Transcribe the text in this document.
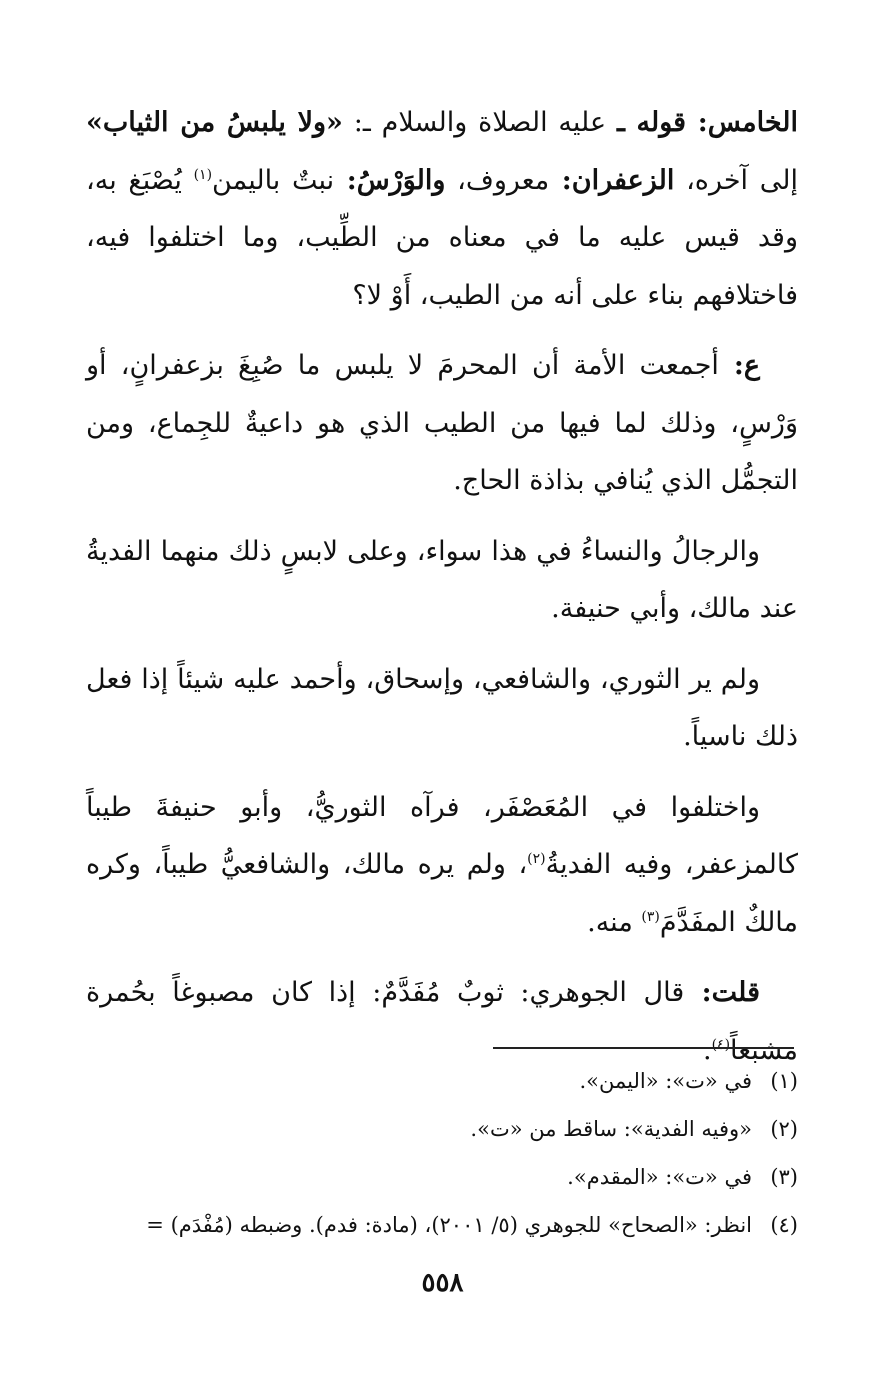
الخامس: قوله ـ عليه الصلاة والسلام ـ: «ولا يلبسُ من الثياب» إلى آخره، الزعفران: معروف، والوَرْسُ: نبتٌ باليمن$^{(١)}$ يُصْبَغ به، وقد قيس عليه ما في معناه من الطِّيب، وما اختلفوا فيه، فاختلافهم بناء على أنه من الطيب، أَوْ لا؟

ع: أجمعت الأمة أن المحرمَ لا يلبس ما صُبِغَ بزعفرانٍ، أو وَرْسٍ، وذلك لما فيها من الطيب الذي هو داعيةٌ للجِماع، ومن التجمُّل الذي يُنافي بذاذة الحاج.

والرجالُ والنساءُ في هذا سواء، وعلى لابسٍ ذلك منهما الفديةُ عند مالك، وأبي حنيفة.

ولم ير الثوري، والشافعي، وإسحاق، وأحمد عليه شيئاً إذا فعل ذلك ناسياً.

واختلفوا في المُعَصْفَر، فرآه الثوريُّ، وأبو حنيفةَ طيباً كالمزعفر، وفيه الفديةُ$^{(٢)}$، ولم يره مالك، والشافعيُّ طيباً، وكره مالكٌ المفَدَّمَ$^{(٣)}$ منه.

قلت: قال الجوهري: ثوبٌ مُفَدَّمٌ: إذا كان مصبوغاً بحُمرة مشبعاً$^{(٤)}$.

(١)في «ت»: «اليمن».
(٢)«وفيه الفدية»: ساقط من «ت».
(٣)في «ت»: «المقدم».
(٤)انظر: «الصحاح» للجوهري (٥/ ٢٠٠١)، (مادة: فدم). وضبطه (مُفْدَم) =
٥٥٨
